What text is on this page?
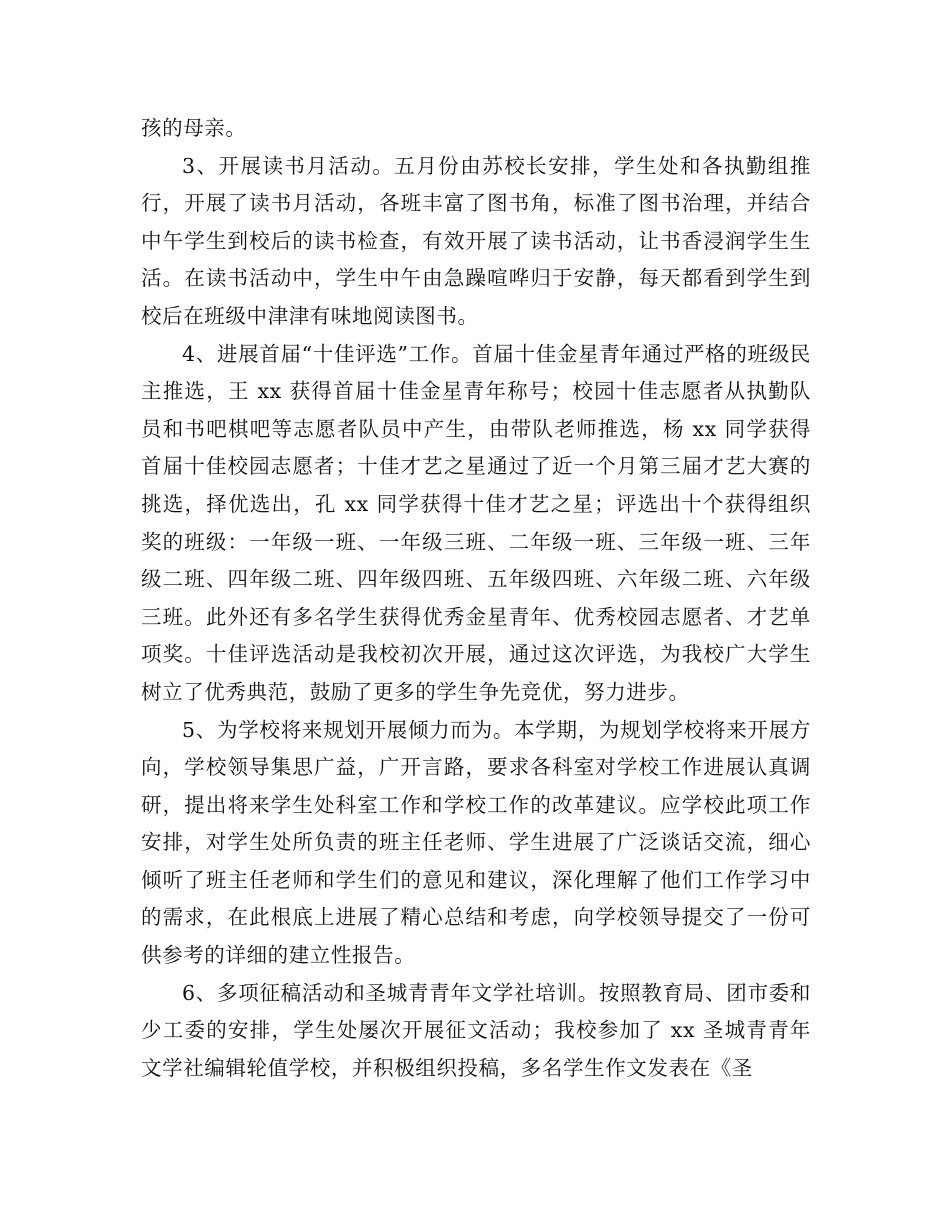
孩的母亲。

3、开展读书月活动。五月份由苏校长安排，学生处和各执勤组推行，开展了读书月活动，各班丰富了图书角，标准了图书治理，并结合中午学生到校后的读书检查，有效开展了读书活动，让书香浸润学生生活。在读书活动中，学生中午由急躁喧哗归于安静，每天都看到学生到校后在班级中津津有味地阅读图书。

4、进展首届“十佳评选”工作。首届十佳金星青年通过严格的班级民主推选，王 xx 获得首届十佳金星青年称号；校园十佳志愿者从执勤队员和书吧棋吧等志愿者队员中产生，由带队老师推选，杨 xx 同学获得首届十佳校园志愿者；十佳才艺之星通过了近一个月第三届才艺大赛的挑选，择优选出，孔 xx 同学获得十佳才艺之星；评选出十个获得组织奖的班级：一年级一班、一年级三班、二年级一班、三年级一班、三年级二班、四年级二班、四年级四班、五年级四班、六年级二班、六年级三班。此外还有多名学生获得优秀金星青年、优秀校园志愿者、才艺单项奖。十佳评选活动是我校初次开展，通过这次评选，为我校广大学生树立了优秀典范，鼓励了更多的学生争先竞优，努力进步。

5、为学校将来规划开展倾力而为。本学期，为规划学校将来开展方向，学校领导集思广益，广开言路，要求各科室对学校工作进展认真调研，提出将来学生处科室工作和学校工作的改革建议。应学校此项工作安排，对学生处所负责的班主任老师、学生进展了广泛谈话交流，细心倾听了班主任老师和学生们的意见和建议，深化理解了他们工作学习中的需求，在此根底上进展了精心总结和考虑，向学校领导提交了一份可供参考的详细的建立性报告。

6、多项征稿活动和圣城青青年文学社培训。按照教育局、团市委和少工委的安排，学生处屡次开展征文活动；我校参加了 xx 圣城青青年文学社编辑轮值学校，并积极组织投稿，多名学生作文发表在《圣
